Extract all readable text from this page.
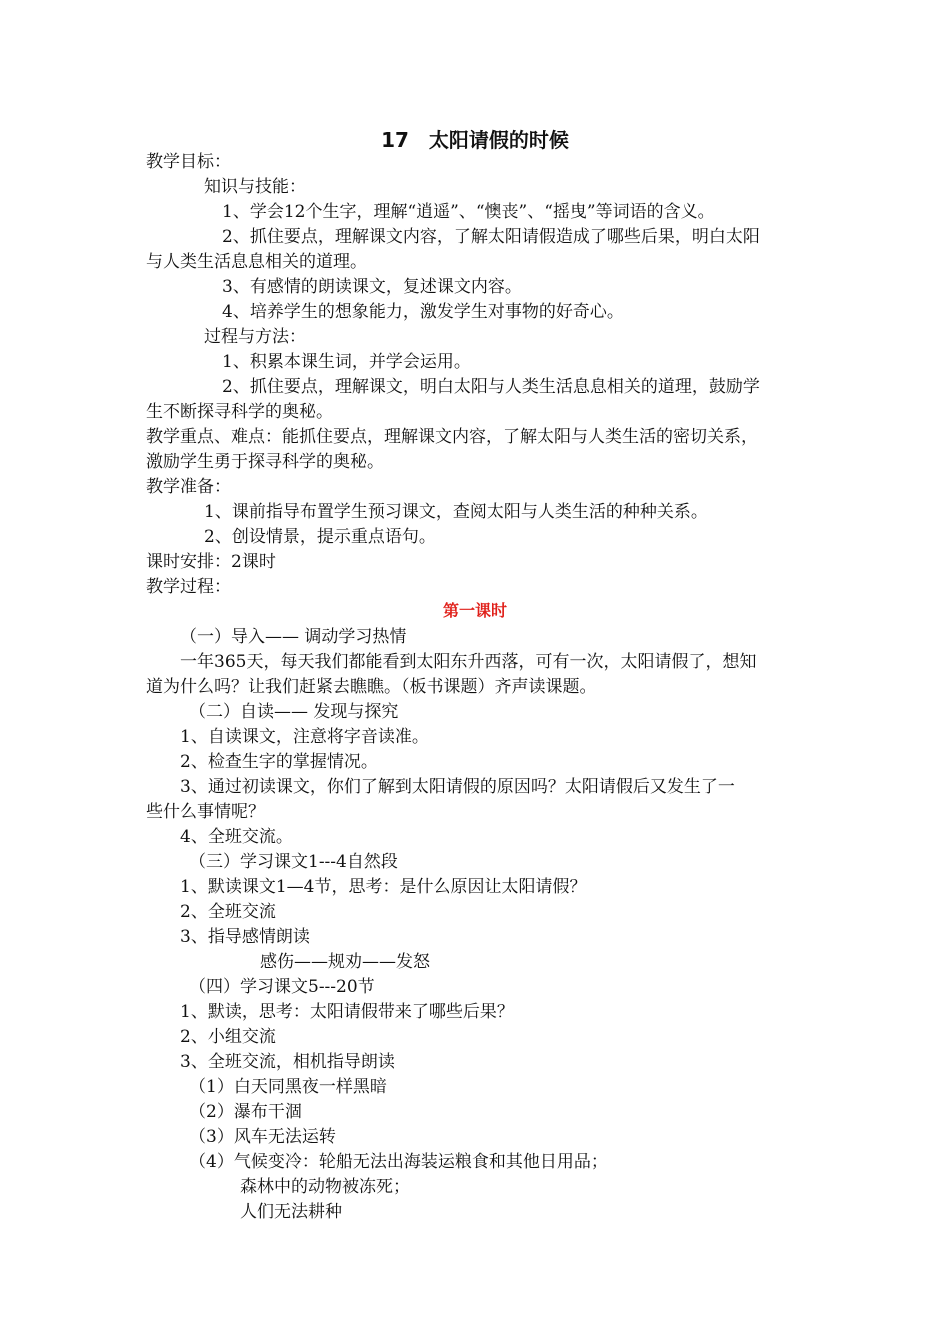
17　太阳请假的时候
教学目标：
知识与技能：
1、学会12个生字，理解“逍遥”、“懊丧”、“摇曳”等词语的含义。
2、抓住要点，理解课文内容，了解太阳请假造成了哪些后果，明白太阳
与人类生活息息相关的道理。
3、有感情的朗读课文，复述课文内容。
4、培养学生的想象能力，激发学生对事物的好奇心。
过程与方法：
1、积累本课生词，并学会运用。
2、抓住要点，理解课文，明白太阳与人类生活息息相关的道理，鼓励学
生不断探寻科学的奥秘。
教学重点、难点：能抓住要点，理解课文内容，了解太阳与人类生活的密切关系，
激励学生勇于探寻科学的奥秘。
教学准备：
1、课前指导布置学生预习课文，查阅太阳与人类生活的种种关系。
2、创设情景，提示重点语句。
课时安排：2课时
教学过程：
第一课时
（一）导入—— 调动学习热情
一年365天，每天我们都能看到太阳东升西落，可有一次，太阳请假了，想知
道为什么吗？让我们赶紧去瞧瞧。（板书课题）齐声读课题。
（二）自读—— 发现与探究
1、自读课文，注意将字音读准。
2、检查生字的掌握情况。
3、通过初读课文，你们了解到太阳请假的原因吗？太阳请假后又发生了一
些什么事情呢？
4、全班交流。
（三）学习课文1---4自然段
1、默读课文1—4节，思考：是什么原因让太阳请假？
2、全班交流
3、指导感情朗读
感伤——规劝——发怒
（四）学习课文5---20节
1、默读，思考：太阳请假带来了哪些后果？
2、小组交流
3、全班交流，相机指导朗读
（1）白天同黑夜一样黑暗
（2）瀑布干涸
（3）风车无法运转
（4）气候变冷：轮船无法出海装运粮食和其他日用品；
森林中的动物被冻死；
人们无法耕种
